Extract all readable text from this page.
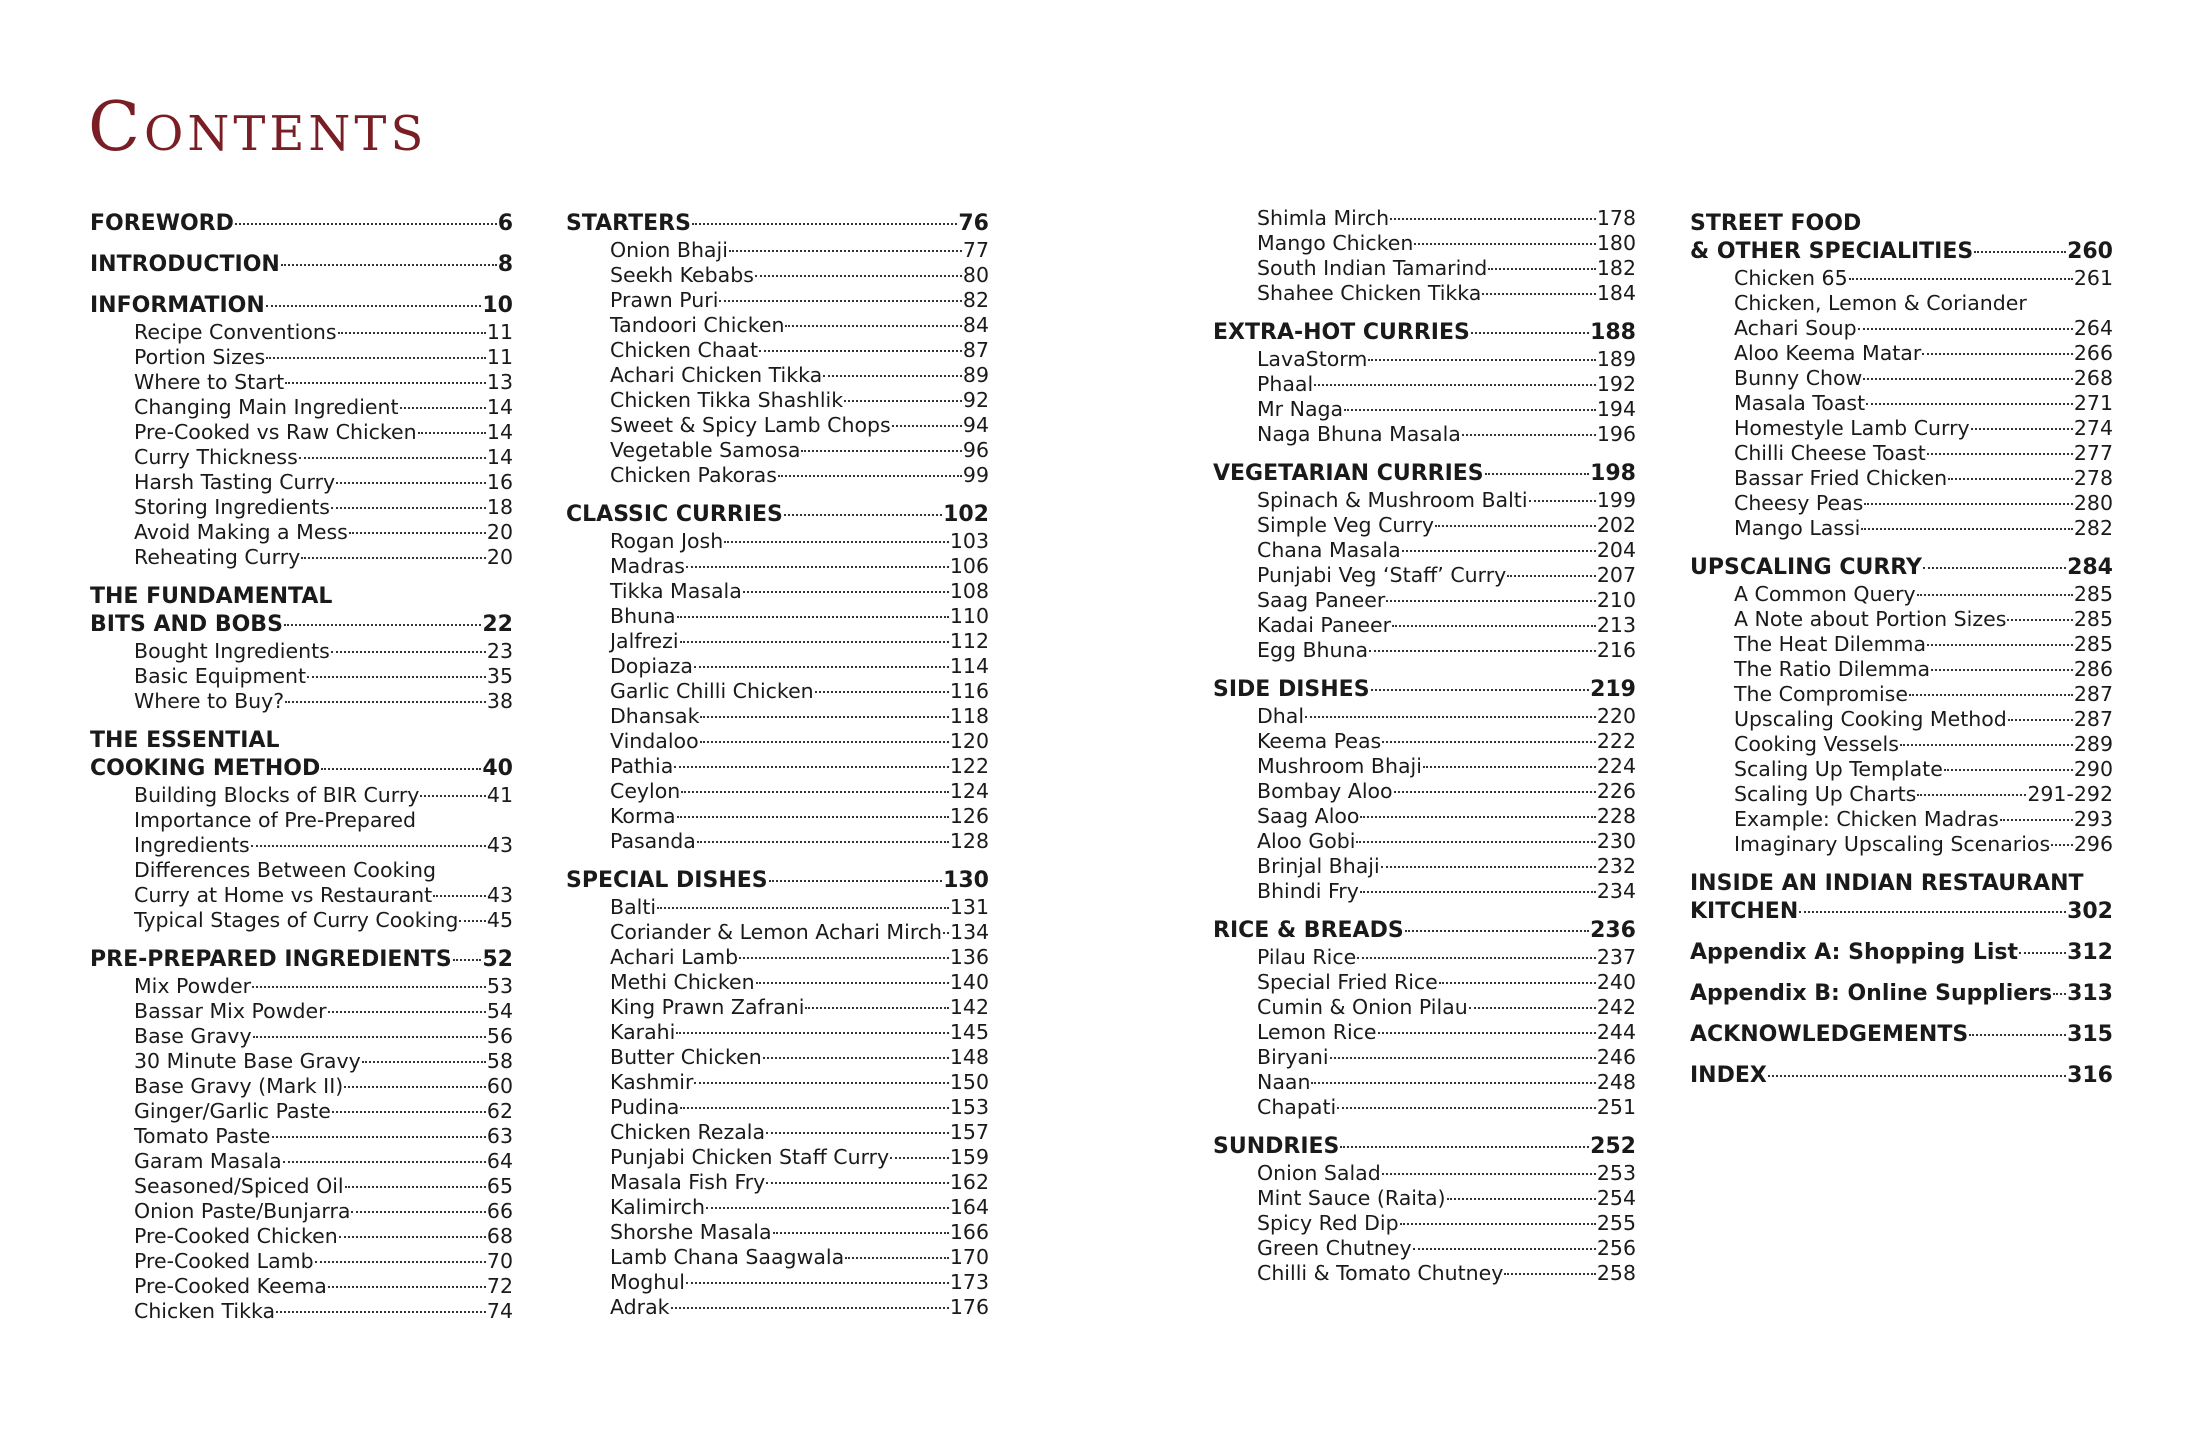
Contents
FOREWORD	6
INTRODUCTION	8
INFORMATION	10
Recipe Conventions	11
Portion Sizes	11
Where to Start	13
Changing Main Ingredient	14
Pre-Cooked vs Raw Chicken	14
Curry Thickness	14
Harsh Tasting Curry	16
Storing Ingredients	18
Avoid Making a Mess	20
Reheating Curry	20
THE FUNDAMENTAL
BITS AND BOBS	22
Bought Ingredients	23
Basic Equipment	35
Where to Buy?	38
THE ESSENTIAL
COOKING METHOD	40
Building Blocks of BIR Curry	41
Importance of Pre-Prepared
Ingredients	43
Differences Between Cooking
Curry at Home vs Restaurant	43
Typical Stages of Curry Cooking 45
PRE-PREPARED INGREDIENTS 52
Mix Powder	53
Bassar Mix Powder	54
Base Gravy	56
30 Minute Base Gravy	58
Base Gravy (Mark II)	60
Ginger/Garlic Paste	62
Tomato Paste	63
Garam Masala	64
Seasoned/Spiced Oil	65
Onion Paste/Bunjarra	66
Pre-Cooked Chicken	68
Pre-Cooked Lamb	70
Pre-Cooked Keema	72
Chicken Tikka	74
STARTERS	76
Onion Bhaji	77
Seekh Kebabs	80
Prawn Puri	82
Tandoori Chicken	84
Chicken Chaat	87
Achari Chicken Tikka	89
Chicken Tikka Shashlik	92
Sweet & Spicy Lamb Chops	94
Vegetable Samosa	96
Chicken Pakoras	99
CLASSIC CURRIES	102
Rogan Josh	103
Madras	106
Tikka Masala	108
Bhuna	110
Jalfrezi	112
Dopiaza	114
Garlic Chilli Chicken	116
Dhansak	118
Vindaloo	120
Pathia	122
Ceylon	124
Korma	126
Pasanda	128
SPECIAL DISHES	130
Balti	131
Coriander & Lemon Achari Mirch 134
Achari Lamb	136
Methi Chicken	140
King Prawn Zafrani	142
Karahi	145
Butter Chicken	148
Kashmir	150
Pudina	153
Chicken Rezala	157
Punjabi Chicken Staff Curry	159
Masala Fish Fry	162
Kalimirch	164
Shorshe Masala	166
Lamb Chana Saagwala	170
Moghul	173
Adrak	176
Shimla Mirch	178
Mango Chicken	180
South Indian Tamarind	182
Shahee Chicken Tikka	184
EXTRA-HOT CURRIES	188
LavaStorm	189
Phaal	192
Mr Naga	194
Naga Bhuna Masala	196
VEGETARIAN CURRIES	198
Spinach & Mushroom Balti	199
Simple Veg Curry	202
Chana Masala	204
Punjabi Veg ‘Staff’ Curry	207
Saag Paneer	210
Kadai Paneer	213
Egg Bhuna	216
SIDE DISHES	219
Dhal	220
Keema Peas	222
Mushroom Bhaji	224
Bombay Aloo	226
Saag Aloo	228
Aloo Gobi	230
Brinjal Bhaji	232
Bhindi Fry	234
RICE & BREADS	236
Pilau Rice	237
Special Fried Rice	240
Cumin & Onion Pilau	242
Lemon Rice	244
Biryani	246
Naan	248
Chapati	251
SUNDRIES	252
Onion Salad	253
Mint Sauce (Raita)	254
Spicy Red Dip	255
Green Chutney	256
Chilli & Tomato Chutney	258
STREET FOOD
& OTHER SPECIALITIES	260
Chicken 65	261
Chicken, Lemon & Coriander
Achari Soup	264
Aloo Keema Matar	266
Bunny Chow	268
Masala Toast	271
Homestyle Lamb Curry	274
Chilli Cheese Toast	277
Bassar Fried Chicken	278
Cheesy Peas	280
Mango Lassi	282
UPSCALING CURRY	284
A Common Query	285
A Note about Portion Sizes	285
The Heat Dilemma	285
The Ratio Dilemma	286
The Compromise	287
Upscaling Cooking Method	287
Cooking Vessels	289
Scaling Up Template	290
Scaling Up Charts	291-292
Example: Chicken Madras	293
Imaginary Upscaling Scenarios 296
INSIDE AN INDIAN RESTAURANT
KITCHEN	302
Appendix A: Shopping List 312
Appendix B: Online Suppliers 313
ACKNOWLEDGEMENTS	315
INDEX	316
